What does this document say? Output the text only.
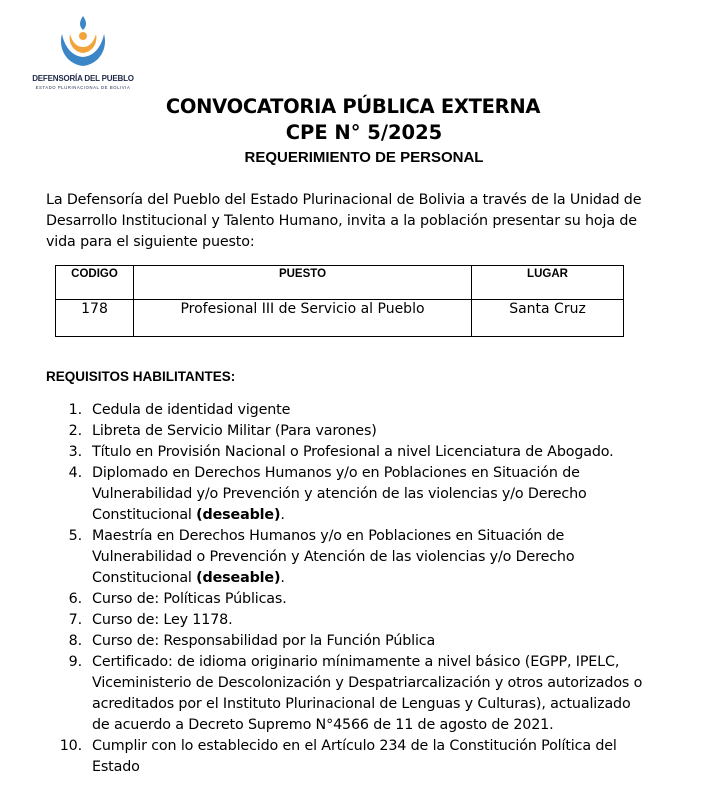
DEFENSORÍA DEL PUEBLO
ESTADO PLURINACIONAL DE BOLIVIA
CONVOCATORIA PÚBLICA EXTERNA
CPE N° 5/2025
REQUERIMIENTO DE PERSONAL
La Defensoría del Pueblo del Estado Plurinacional de Bolivia a través de la Unidad de Desarrollo Institucional y Talento Humano, invita a la población presentar su hoja de vida para el siguiente puesto:
CODIGO	PUESTO	LUGAR
178	Profesional III de Servicio al Pueblo	Santa Cruz
REQUISITOS HABILITANTES:
1. Cedula de identidad vigente
2. Libreta de Servicio Militar (Para varones)
3. Título en Provisión Nacional o Profesional a nivel Licenciatura de Abogado.
4. Diplomado en Derechos Humanos y/o en Poblaciones en Situación de Vulnerabilidad y/o Prevención y atención de las violencias y/o Derecho Constitucional (deseable).
5. Maestría en Derechos Humanos y/o en Poblaciones en Situación de Vulnerabilidad o Prevención y Atención de las violencias y/o Derecho Constitucional (deseable).
6. Curso de: Políticas Públicas.
7. Curso de: Ley 1178.
8. Curso de: Responsabilidad por la Función Pública
9. Certificado: de idioma originario mínimamente a nivel básico (EGPP, IPELC, Viceministerio de Descolonización y Despatriarcalización y otros autorizados o acreditados por el Instituto Plurinacional de Lenguas y Culturas), actualizado de acuerdo a Decreto Supremo N°4566 de 11 de agosto de 2021.
10. Cumplir con lo establecido en el Artículo 234 de la Constitución Política del Estado
